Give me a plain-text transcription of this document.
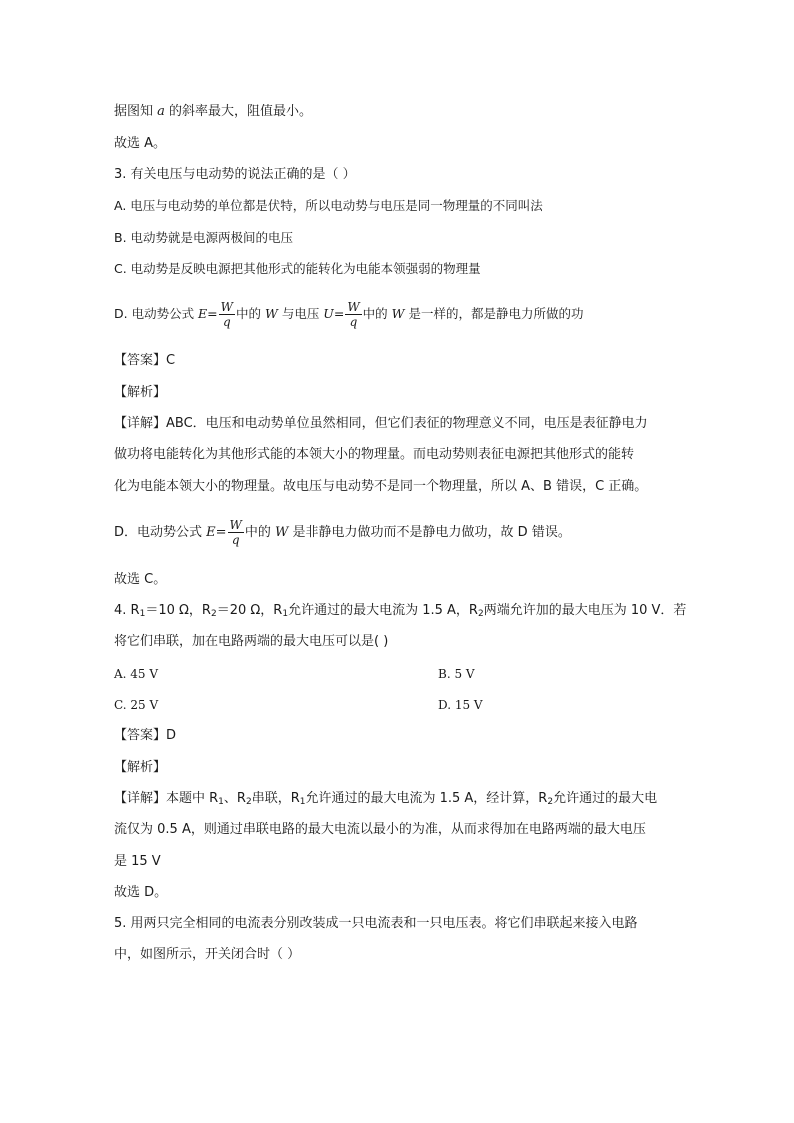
据图知 a 的斜率最大，阻值最小。
故选 A。
3. 有关电压与电动势的说法正确的是（ ）
A. 电压与电动势的单位都是伏特，所以电动势与电压是同一物理量的不同叫法
B. 电动势就是电源两极间的电压
C. 电动势是反映电源把其他形式的能转化为电能本领强弱的物理量
D. 电动势公式 $E= \frac{W}{q}$ 中的 W 与电压 $U= \frac{W}{q}$ 中的 W 是一样的，都是静电力所做的功
【答案】C
【解析】
【详解】ABC．电压和电动势单位虽然相同，但它们表征的物理意义不同，电压是表征静电力
做功将电能转化为其他形式能的本领大小的物理量。而电动势则表征电源把其他形式的能转
化为电能本领大小的物理量。故电压与电动势不是同一个物理量，所以 A、B 错误，C 正确。
D．电动势公式 $E= \frac{W}{q}$ 中的 W 是非静电力做功而不是静电力做功，故 D 错误。
故选 C。
4. $R_1=10$ Ω，$R_2=20$ Ω，$R_1$允许通过的最大电流为 1.5 A，$R_2$两端允许加的最大电压为 10 V．若
将它们串联，加在电路两端的最大电压可以是( )
A. 45 V	B. 5 V
C. 25 V	D. 15 V
【答案】D
【解析】
【详解】本题中 $R_1$、$R_2$串联，$R_1$允许通过的最大电流为 1.5 A，经计算，$R_2$允许通过的最大电
流仅为 0.5 A，则通过串联电路的最大电流以最小的为准，从而求得加在电路两端的最大电压
是 15 V
故选 D。
5. 用两只完全相同的电流表分别改装成一只电流表和一只电压表。将它们串联起来接入电路
中，如图所示，开关闭合时（ ）
